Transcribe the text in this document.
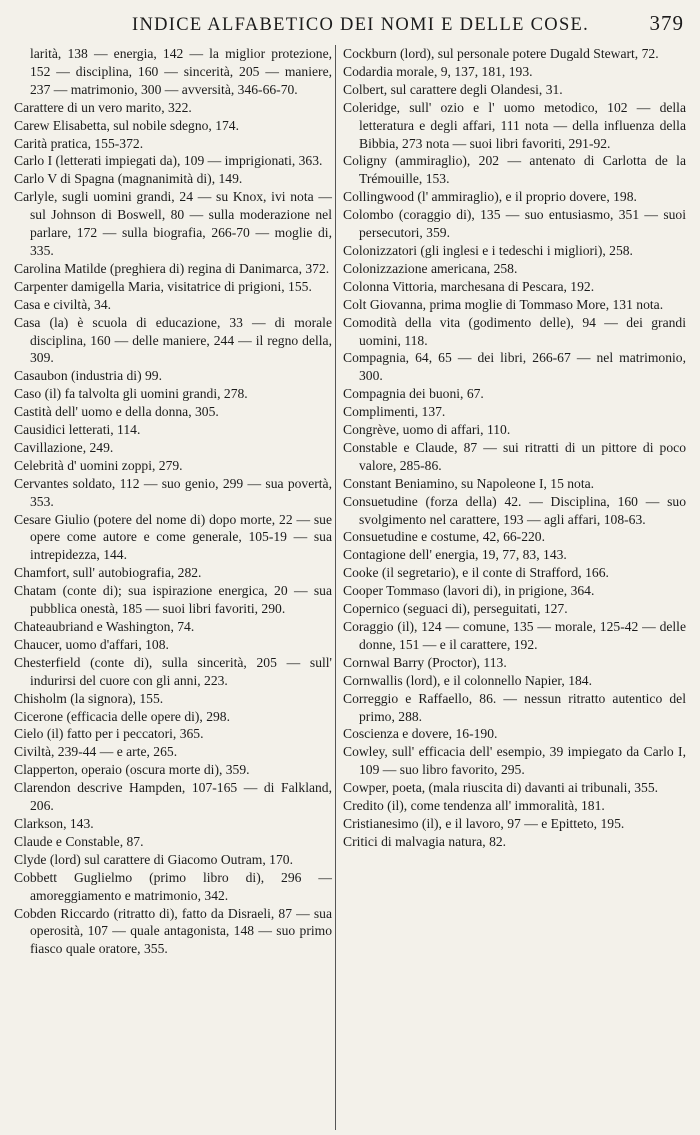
INDICE ALFABETICO DEI NOMI E DELLE COSE.	379
larità, 138 — energia, 142 — la miglior protezione, 152 — disciplina, 160 — sincerità, 205 — maniere, 237 — matrimonio, 300 — avversità, 346-66-70.
Carattere di un vero marito, 322.
Carew Elisabetta, sul nobile sdegno, 174.
Carità pratica, 155-372.
Carlo I (letterati impiegati da), 109 — imprigionati, 363.
Carlo V di Spagna (magnanimità di), 149.
Carlyle, sugli uomini grandi, 24 — su Knox, ivi nota — sul Johnson di Boswell, 80 — sulla moderazione nel parlare, 172 — sulla biografia, 266-70 — moglie di, 335.
Carolina Matilde (preghiera di) regina di Danimarca, 372.
Carpenter damigella Maria, visitatrice di prigioni, 155.
Casa e civiltà, 34.
Casa (la) è scuola di educazione, 33 — di morale disciplina, 160 — delle maniere, 244 — il regno della, 309.
Casaubon (industria di) 99.
Caso (il) fa talvolta gli uomini grandi, 278.
Castità dell' uomo e della donna, 305.
Causidici letterati, 114.
Cavillazione, 249.
Celebrità d' uomini zoppi, 279.
Cervantes soldato, 112 — suo genio, 299 — sua povertà, 353.
Cesare Giulio (potere del nome di) dopo morte, 22 — sue opere come autore e come generale, 105-19 — sua intrepidezza, 144.
Chamfort, sull' autobiografia, 282.
Chatam (conte di); sua ispirazione energica, 20 — sua pubblica onestà, 185 — suoi libri favoriti, 290.
Chateaubriand e Washington, 74.
Chaucer, uomo d'affari, 108.
Chesterfield (conte di), sulla sincerità, 205 — sull' indurirsi del cuore con gli anni, 223.
Chisholm (la signora), 155.
Cicerone (efficacia delle opere di), 298.
Cielo (il) fatto per i peccatori, 365.
Civiltà, 239-44 — e arte, 265.
Clapperton, operaio (oscura morte di), 359.
Clarendon descrive Hampden, 107-165 — di Falkland, 206.
Clarkson, 143.
Claude e Constable, 87.
Clyde (lord) sul carattere di Giacomo Outram, 170.
Cobbett Guglielmo (primo libro di), 296 — amoreggiamento e matrimonio, 342.
Cobden Riccardo (ritratto di), fatto da Disraeli, 87 — sua operosità, 107 — quale antagonista, 148 — suo primo fiasco quale oratore, 355.
Cockburn (lord), sul personale potere Dugald Stewart, 72.
Codardia morale, 9, 137, 181, 193.
Colbert, sul carattere degli Olandesi, 31.
Coleridge, sull' ozio e l' uomo metodico, 102 — della letteratura e degli affari, 111 nota — della influenza della Bibbia, 273 nota — suoi libri favoriti, 291-92.
Coligny (ammiraglio), 202 — antenato di Carlotta de la Trémouille, 153.
Collingwood (l' ammiraglio), e il proprio dovere, 198.
Colombo (coraggio di), 135 — suo entusiasmo, 351 — suoi persecutori, 359.
Colonizzatori (gli inglesi e i tedeschi i migliori), 258.
Colonizzazione americana, 258.
Colonna Vittoria, marchesana di Pescara, 192.
Colt Giovanna, prima moglie di Tommaso More, 131 nota.
Comodità della vita (godimento delle), 94 — dei grandi uomini, 118.
Compagnia, 64, 65 — dei libri, 266-67 — nel matrimonio, 300.
Compagnia dei buoni, 67.
Complimenti, 137.
Congrève, uomo di affari, 110.
Constable e Claude, 87 — sui ritratti di un pittore di poco valore, 285-86.
Constant Beniamino, su Napoleone I, 15 nota.
Consuetudine (forza della) 42. — Disciplina, 160 — suo svolgimento nel carattere, 193 — agli affari, 108-63.
Consuetudine e costume, 42, 66-220.
Contagione dell' energia, 19, 77, 83, 143.
Cooke (il segretario), e il conte di Strafford, 166.
Cooper Tommaso (lavori di), in prigione, 364.
Copernico (seguaci di), perseguitati, 127.
Coraggio (il), 124 — comune, 135 — morale, 125-42 — delle donne, 151 — e il carattere, 192.
Cornwal Barry (Proctor), 113.
Cornwallis (lord), e il colonnello Napier, 184.
Correggio e Raffaello, 86. — nessun ritratto autentico del primo, 288.
Coscienza e dovere, 16-190.
Cowley, sull' efficacia dell' esempio, 39 impiegato da Carlo I, 109 — suo libro favorito, 295.
Cowper, poeta, (mala riuscita di) davanti ai tribunali, 355.
Credito (il), come tendenza all' immoralità, 181.
Cristianesimo (il), e il lavoro, 97 — e Epitteto, 195.
Critici di malvagia natura, 82.
